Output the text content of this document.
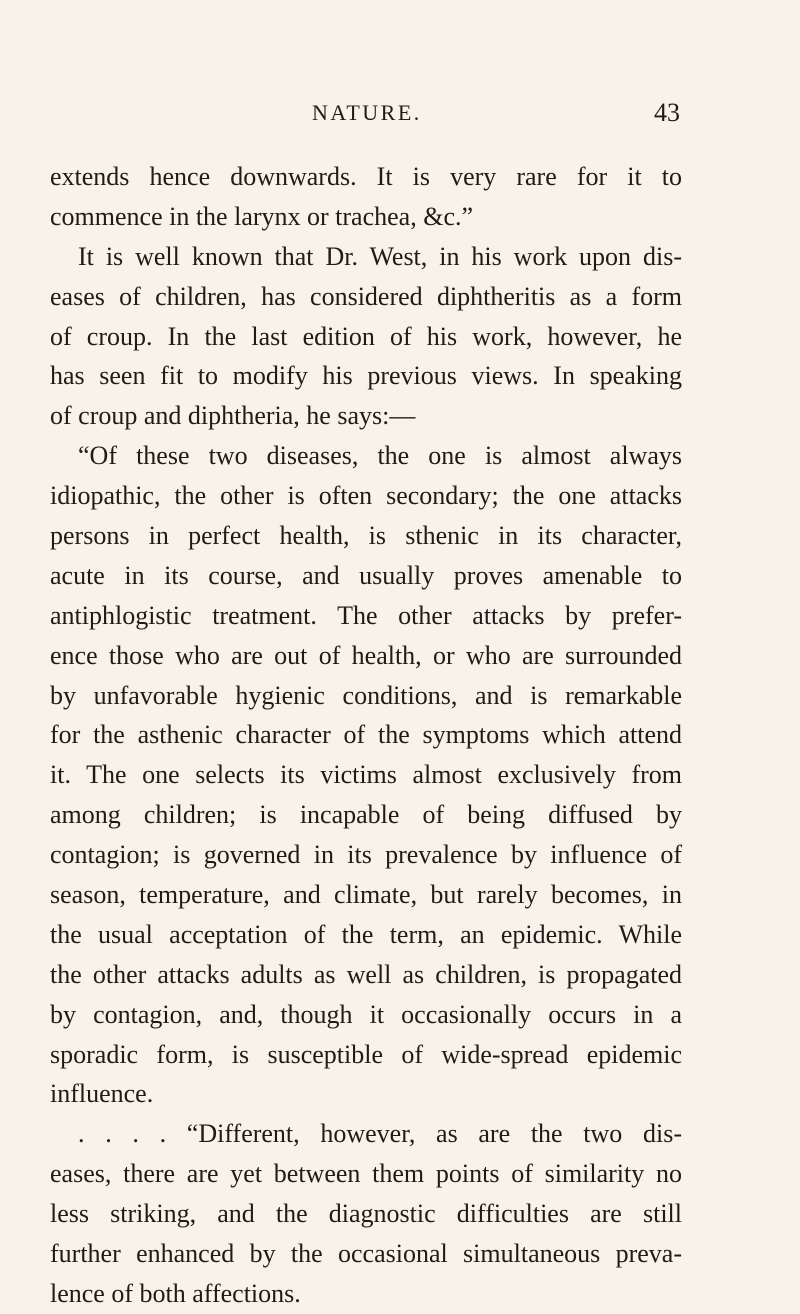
NATURE.	43
extends hence downwards. It is very rare for it to
commence in the larynx or trachea, &c.”
It is well known that Dr. West, in his work upon dis-
eases of children, has considered diphtheritis as a form
of croup. In the last edition of his work, however, he
has seen fit to modify his previous views. In speaking
of croup and diphtheria, he says:—
“Of these two diseases, the one is almost always
idiopathic, the other is often secondary; the one attacks
persons in perfect health, is sthenic in its character,
acute in its course, and usually proves amenable to
antiphlogistic treatment. The other attacks by prefer-
ence those who are out of health, or who are surrounded
by unfavorable hygienic conditions, and is remarkable
for the asthenic character of the symptoms which attend
it. The one selects its victims almost exclusively from
among children; is incapable of being diffused by
contagion; is governed in its prevalence by influence of
season, temperature, and climate, but rarely becomes, in
the usual acceptation of the term, an epidemic. While
the other attacks adults as well as children, is propagated
by contagion, and, though it occasionally occurs in a
sporadic form, is susceptible of wide-spread epidemic
influence.
. . . . “Different, however, as are the two dis-
eases, there are yet between them points of similarity no
less striking, and the diagnostic difficulties are still
further enhanced by the occasional simultaneous preva-
lence of both affections.
